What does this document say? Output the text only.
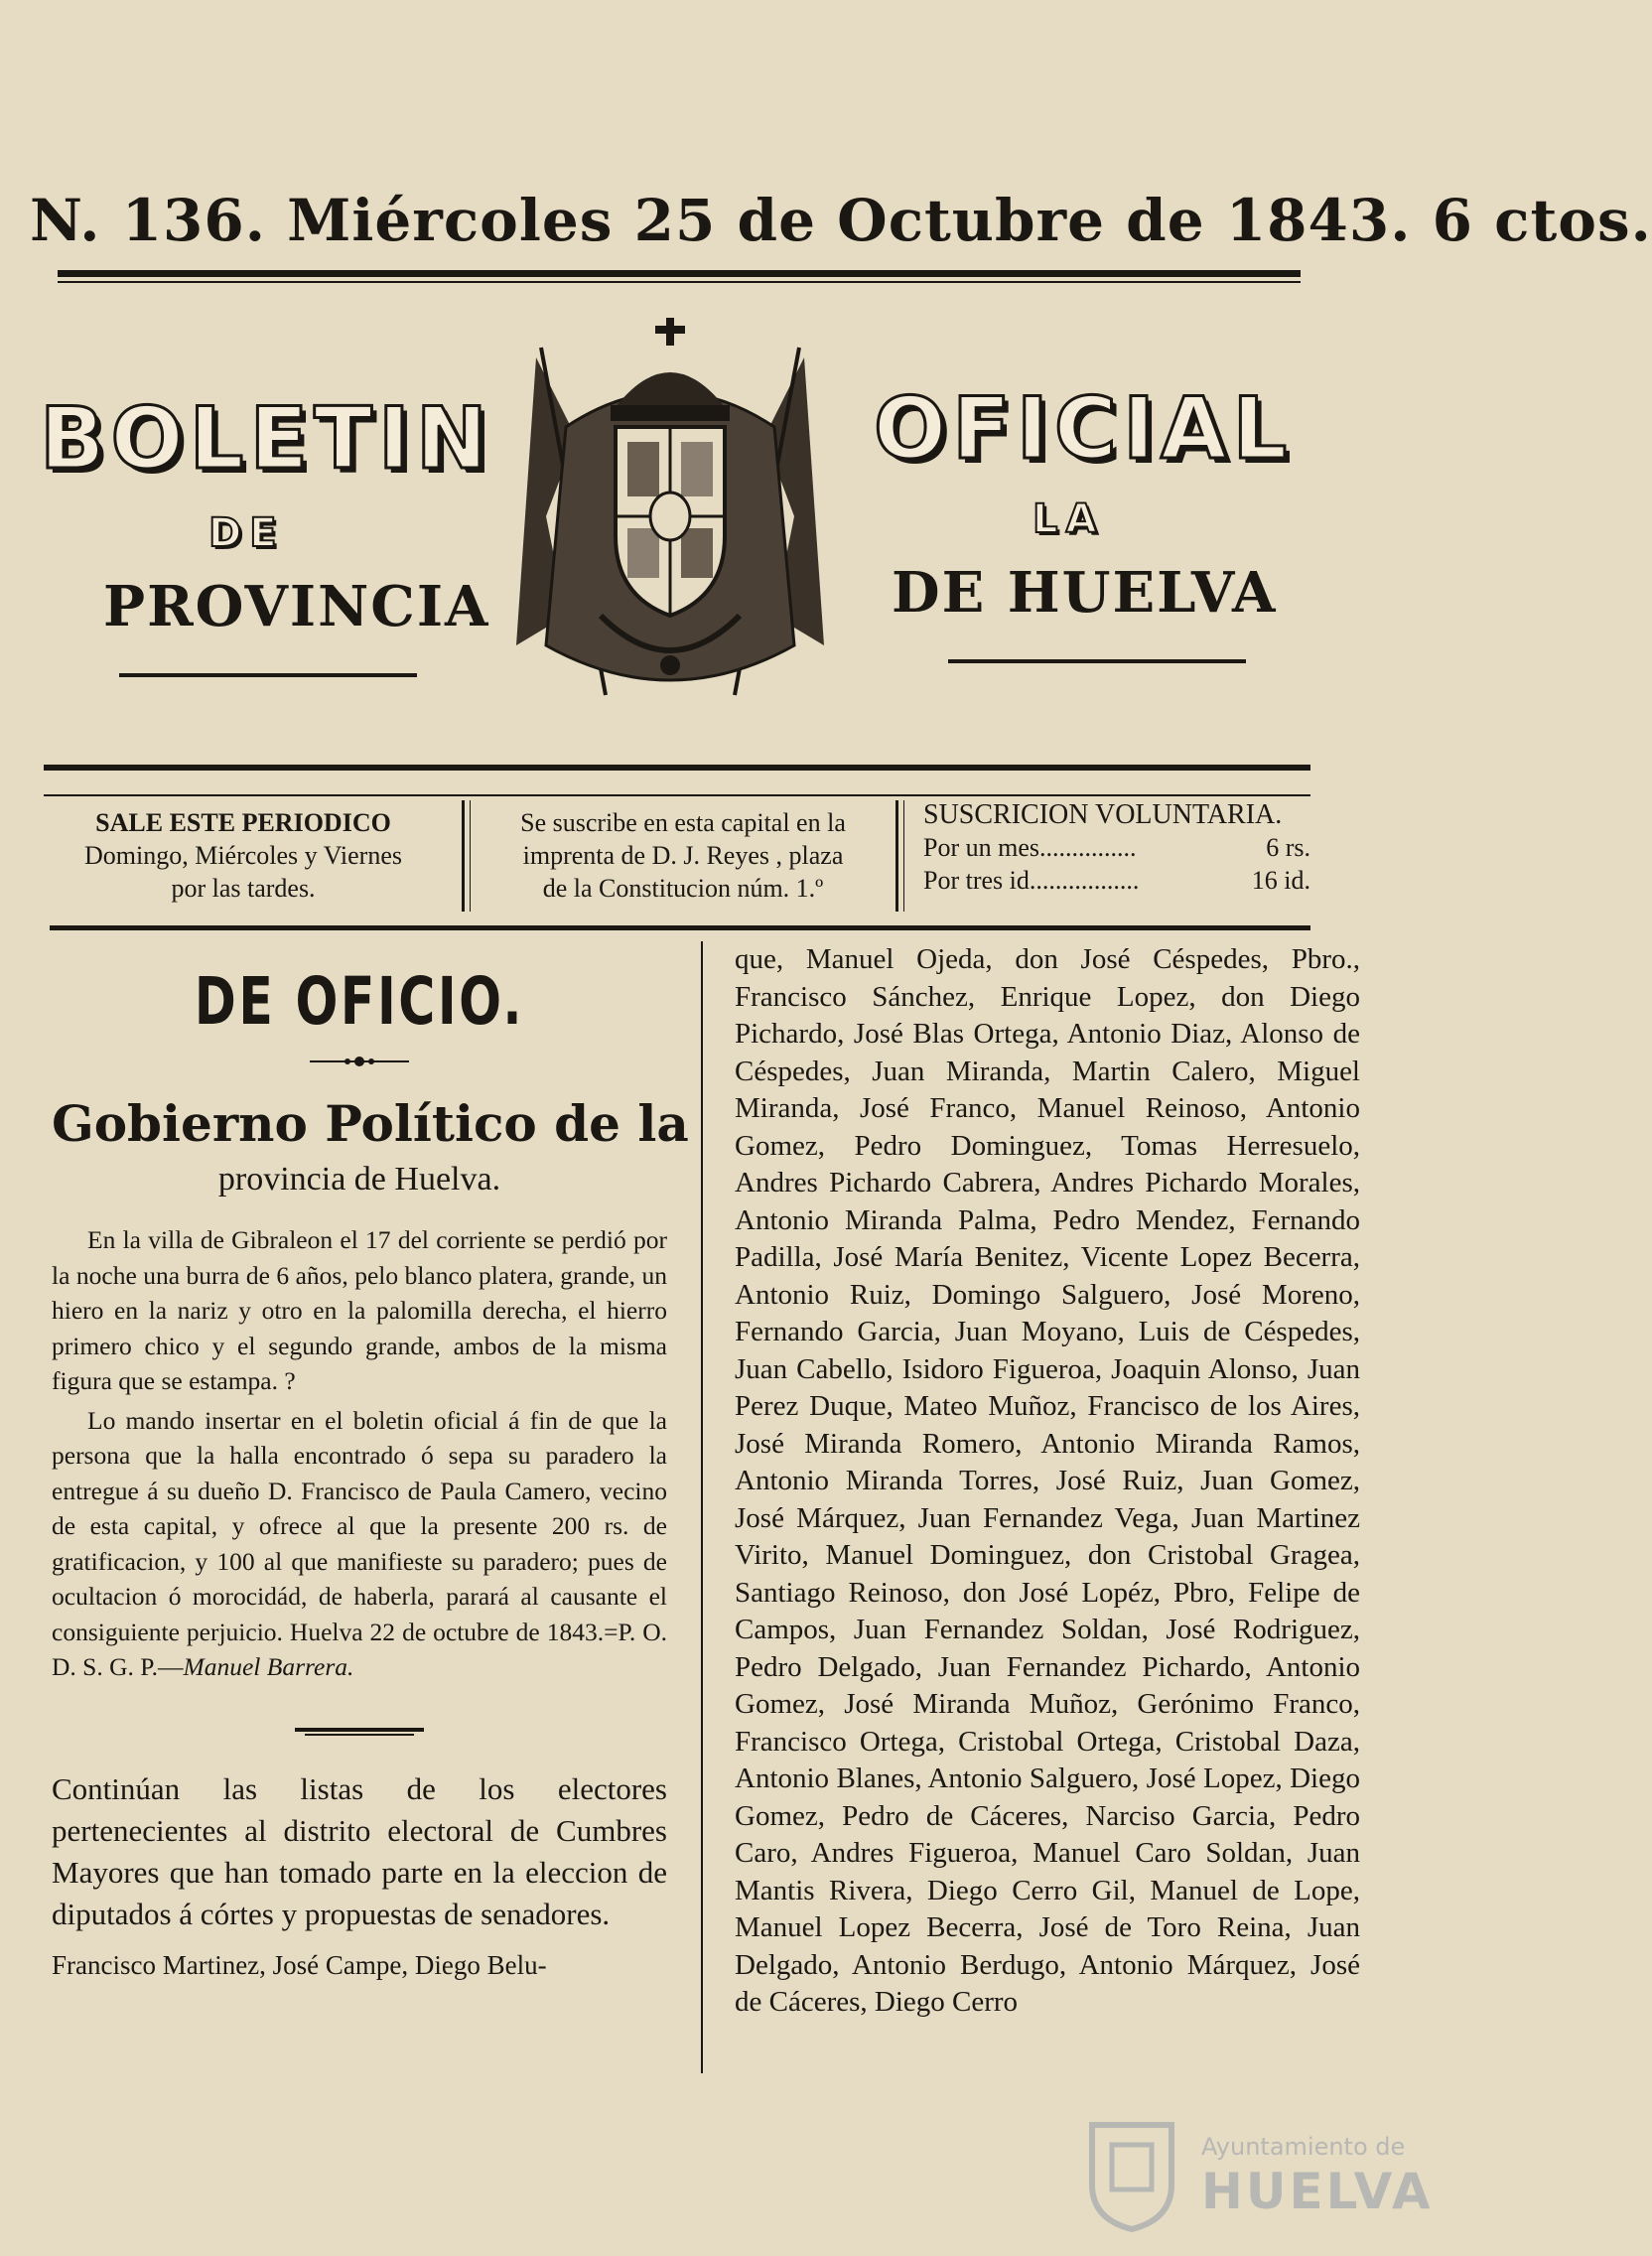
N. 136. Miércoles 25 de Octubre de 1843. 6 ctos.
BOLETIN	OFICIAL
DE	LA
PROVINCIA	DE HUELVA
SALE ESTE PERIODICO
Domingo, Miércoles y Viernes
por las tardes.
Se suscribe en esta capital en la
imprenta de D. J. Reyes , plaza
de la Constitucion núm. 1.º
SUSCRICION VOLUNTARIA.
Por un mes...............	6 rs.
Por tres id.................	16 id.
DE OFICIO.
Gobierno Político de la
provincia de Huelva.

En la villa de Gibraleon el 17 del corriente se perdió por la noche una burra de 6 años, pelo blanco platera, grande, un hiero en la nariz y otro en la palomilla derecha, el hierro primero chico y el segundo grande, ambos de la misma figura que se estampa. ?

Lo mando insertar en el boletin oficial á fin de que la persona que la halla encontrado ó sepa su paradero la entregue á su dueño D. Francisco de Paula Camero, vecino de esta capital, y ofrece al que la presente 200 rs. de gratificacion, y 100 al que manifieste su paradero; pues de ocultacion ó morocidád, de haberla, parará al causante el consiguiente perjuicio. Huelva 22 de octubre de 1843.=P. O. D. S. G. P.—Manuel Barrera.

Continúan las listas de los electores pertenecientes al distrito electoral de Cumbres Mayores que han tomado parte en la eleccion de diputados á córtes y propuestas de senadores.

Francisco Martinez, José Campe, Diego Belu-

que, Manuel Ojeda, don José Céspedes, Pbro., Francisco Sánchez, Enrique Lopez, don Diego Pichardo, José Blas Ortega, Antonio Diaz, Alonso de Céspedes, Juan Miranda, Martin Calero, Miguel Miranda, José Franco, Manuel Reinoso, Antonio Gomez, Pedro Dominguez, Tomas Herresuelo, Andres Pichardo Cabrera, Andres Pichardo Morales, Antonio Miranda Palma, Pedro Mendez, Fernando Padilla, José María Benitez, Vicente Lopez Becerra, Antonio Ruiz, Domingo Salguero, José Moreno, Fernando Garcia, Juan Moyano, Luis de Céspedes, Juan Cabello, Isidoro Figueroa, Joaquin Alonso, Juan Perez Duque, Mateo Muñoz, Francisco de los Aires, José Miranda Romero, Antonio Miranda Ramos, Antonio Miranda Torres, José Ruiz, Juan Gomez, José Márquez, Juan Fernandez Vega, Juan Martinez Virito, Manuel Dominguez, don Cristobal Gragea, Santiago Reinoso, don José Lopéz, Pbro, Felipe de Campos, Juan Fernandez Soldan, José Rodriguez, Pedro Delgado, Juan Fernandez Pichardo, Antonio Gomez, José Miranda Muñoz, Gerónimo Franco, Francisco Ortega, Cristobal Ortega, Cristobal Daza, Antonio Blanes, Antonio Salguero, José Lopez, Diego Gomez, Pedro de Cáceres, Narciso Garcia, Pedro Caro, Andres Figueroa, Manuel Caro Soldan, Juan Mantis Rivera, Diego Cerro Gil, Manuel de Lope, Manuel Lopez Becerra, José de Toro Reina, Juan Delgado, Antonio Berdugo, Antonio Márquez, José de Cáceres, Diego Cerro

Ayuntamiento de
HUELVA
